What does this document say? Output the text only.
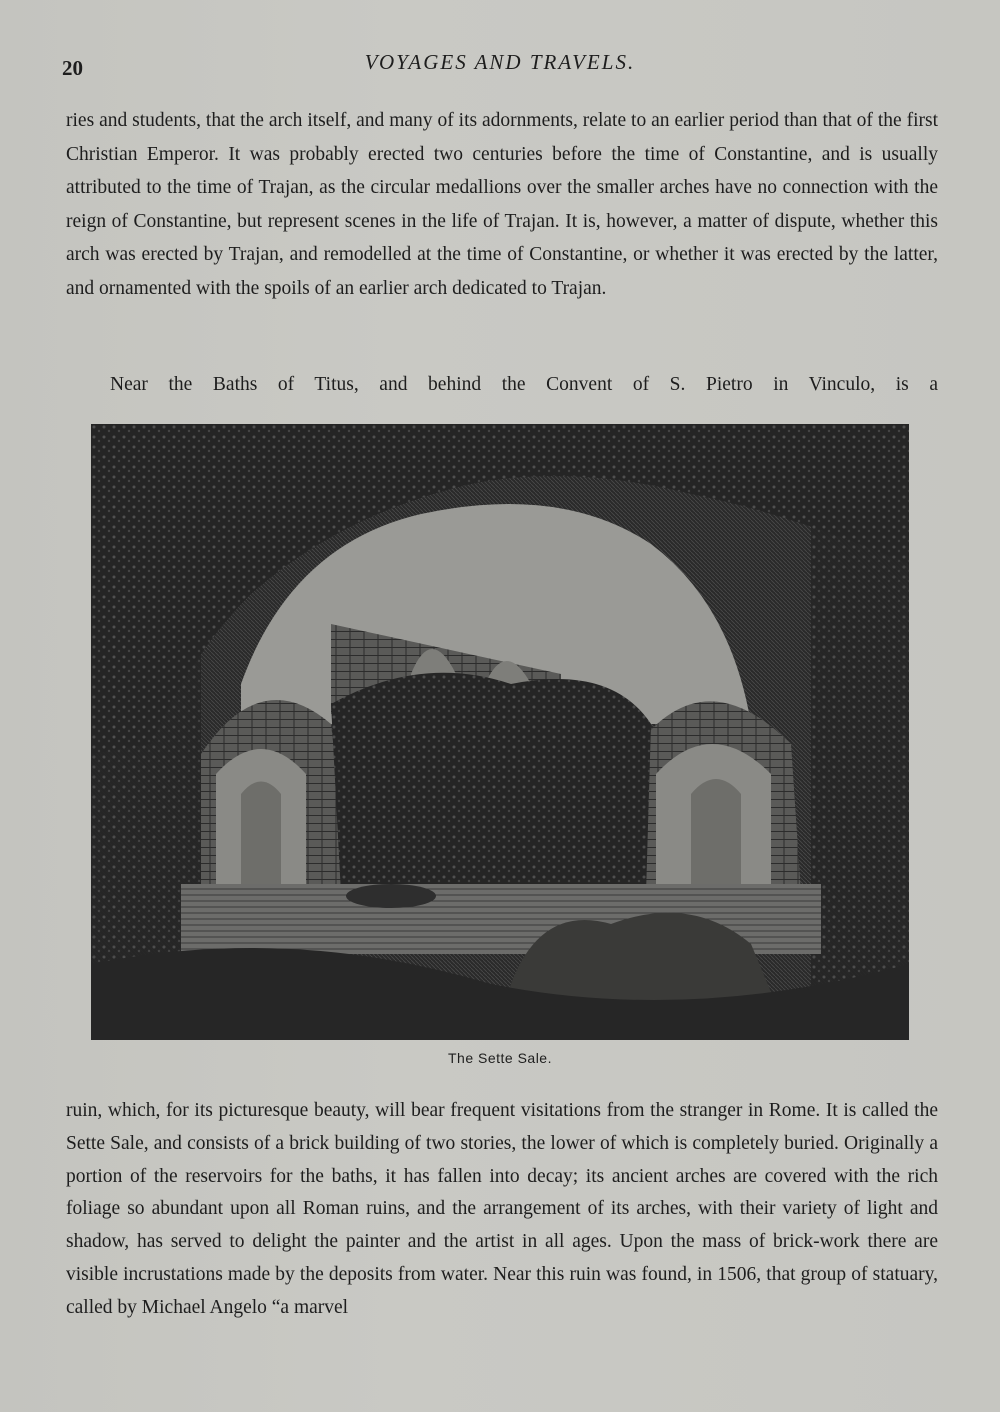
20	VOYAGES AND TRAVELS.

ries and students, that the arch itself, and many of its adornments, relate to an earlier period than that of the first Christian Emperor. It was probably erected two centuries before the time of Constantine, and is usually attributed to the time of Trajan, as the circular medallions over the smaller arches have no connection with the reign of Constantine, but represent scenes in the life of Trajan. It is, however, a matter of dispute, whether this arch was erected by Trajan, and remodelled at the time of Constantine, or whether it was erected by the latter, and ornamented with the spoils of an earlier arch dedicated to Trajan.

Near the Baths of Titus, and behind the Convent of S. Pietro in Vinculo, is a

The Sette Sale.

ruin, which, for its picturesque beauty, will bear frequent visitations from the stranger in Rome. It is called the Sette Sale, and consists of a brick building of two stories, the lower of which is completely buried. Originally a portion of the reservoirs for the baths, it has fallen into decay; its ancient arches are covered with the rich foliage so abundant upon all Roman ruins, and the arrangement of its arches, with their variety of light and shadow, has served to delight the painter and the artist in all ages. Upon the mass of brick-work there are visible incrustations made by the deposits from water. Near this ruin was found, in 1506, that group of statuary, called by Michael Angelo “a marvel
